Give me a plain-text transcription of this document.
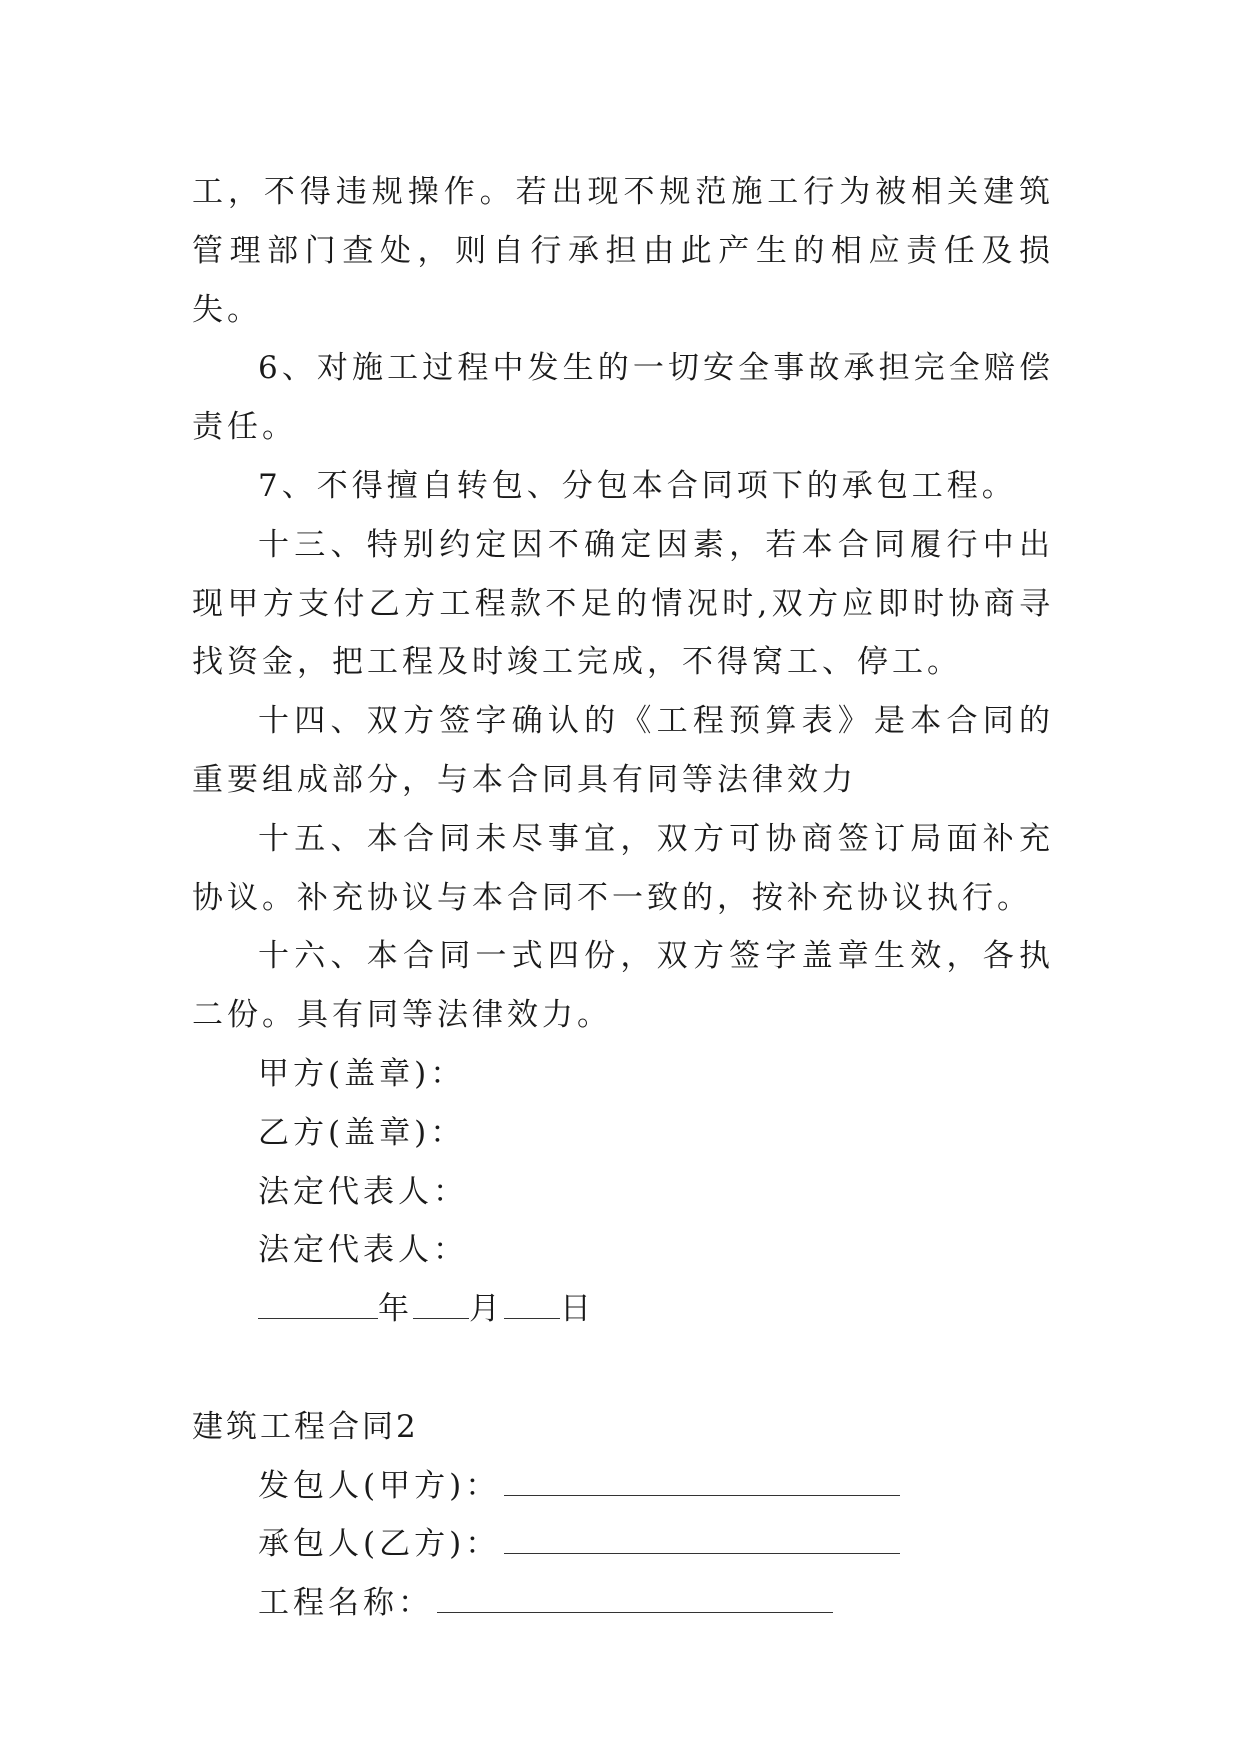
工，不得违规操作。若出现不规范施工行为被相关建筑管理部门查处，则自行承担由此产生的相应责任及损失。

6、对施工过程中发生的一切安全事故承担完全赔偿责任。

7、不得擅自转包、分包本合同项下的承包工程。

十三、特别约定因不确定因素，若本合同履行中出现甲方支付乙方工程款不足的情况时,双方应即时协商寻找资金，把工程及时竣工完成，不得窝工、停工。

十四、双方签字确认的《工程预算表》是本合同的重要组成部分，与本合同具有同等法律效力

十五、本合同未尽事宜，双方可协商签订局面补充协议。补充协议与本合同不一致的，按补充协议执行。

十六、本合同一式四份，双方签字盖章生效，各执二份。具有同等法律效力。

甲方(盖章)：

乙方(盖章)：

法定代表人：

法定代表人：

年 月 日

建筑工程合同2

发包人(甲方)：

承包人(乙方)：

工程名称：
